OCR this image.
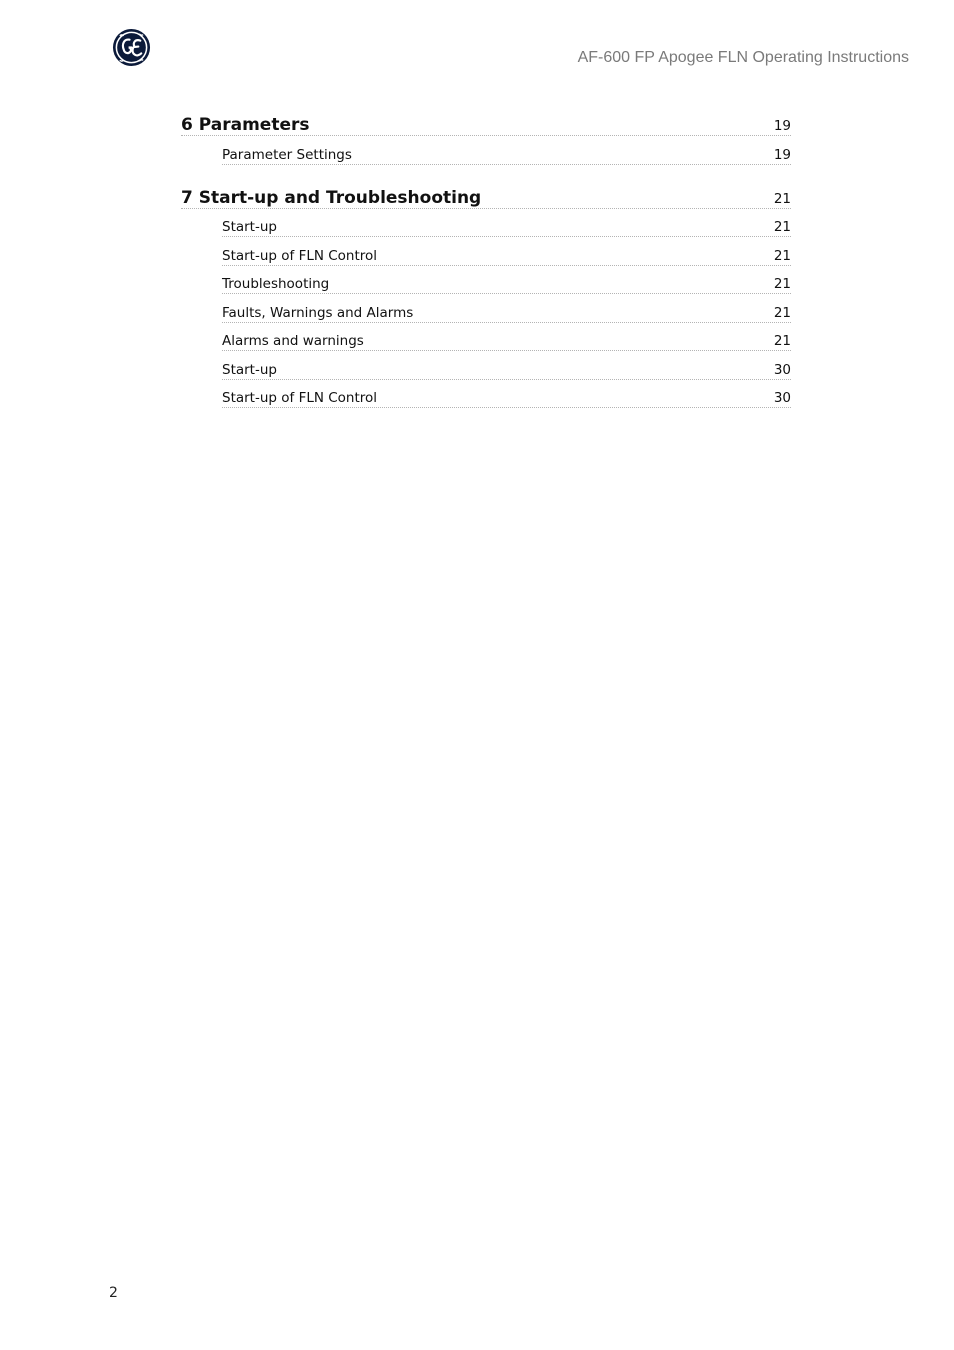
AF-600 FP Apogee FLN Operating Instructions
6 Parameters	19
Parameter Settings	19
7 Start-up and Troubleshooting	21
Start-up	21
Start-up of FLN Control	21
Troubleshooting	21
Faults, Warnings and Alarms	21
Alarms and warnings	21
Start-up	30
Start-up of FLN Control	30
2
